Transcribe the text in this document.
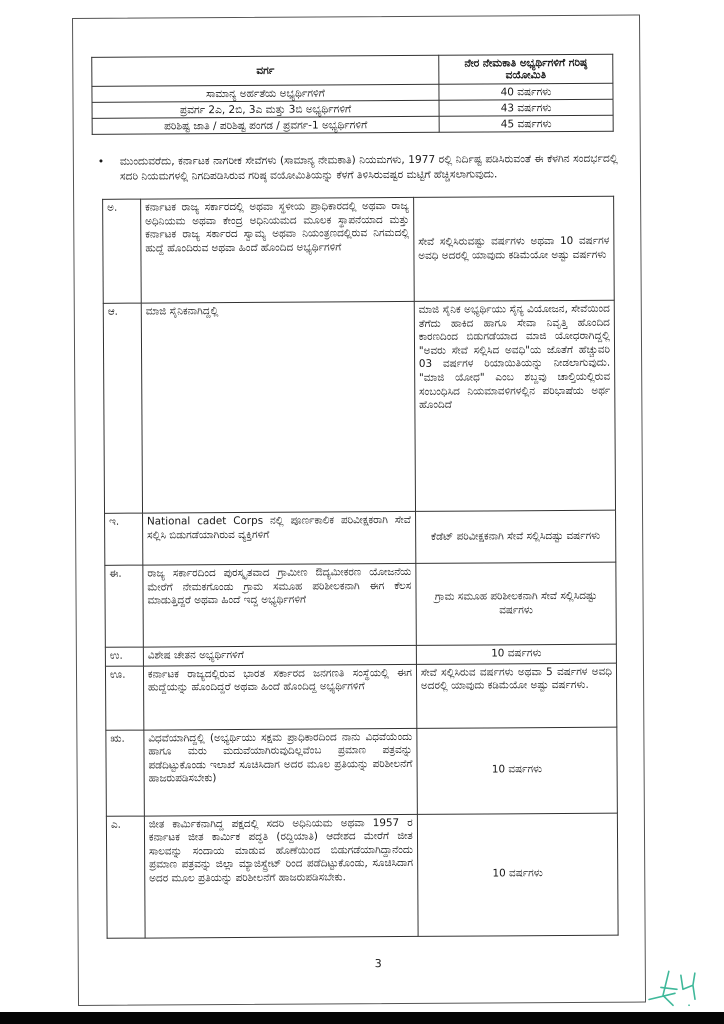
ವರ್ಗ	ನೇರ ನೇಮಕಾತಿ ಅಭ್ಯರ್ಥಿಗಳಿಗೆ ಗರಿಷ್ಠ ವಯೋಮಿತಿ
ಸಾಮಾನ್ಯ ಅರ್ಹತೆಯ ಅಭ್ಯರ್ಥಿಗಳಿಗೆ	40 ವರ್ಷಗಳು
ಪ್ರವರ್ಗ 2ಎ, 2ಬಿ, 3ಎ ಮತ್ತು 3ಬಿ ಅಭ್ಯರ್ಥಿಗಳಿಗೆ	43 ವರ್ಷಗಳು
ಪರಿಶಿಷ್ಟ ಜಾತಿ / ಪರಿಶಿಷ್ಟ ಪಂಗಡ / ಪ್ರವರ್ಗ-1 ಅಭ್ಯರ್ಥಿಗಳಿಗೆ	45 ವರ್ಷಗಳು
• ಮುಂದುವರೆದು, ಕರ್ನಾಟಕ ನಾಗರೀಕ ಸೇವೆಗಳು (ಸಾಮಾನ್ಯ ನೇಮಕಾತಿ) ನಿಯಮಗಳು, 1977 ರಲ್ಲಿ ನಿರ್ದಿಷ್ಟ ಪಡಿಸಿರುವಂತೆ ಈ ಕೆಳಗಿನ ಸಂದರ್ಭದಲ್ಲಿ ಸದರಿ ನಿಯಮಗಳಲ್ಲಿ ನಿಗದಿಪಡಿಸಿರುವ ಗರಿಷ್ಠ ವಯೋಮಿತಿಯನ್ನು ಕೆಳಗೆ ತಿಳಿಸಿರುವಷ್ಟರ ಮಟ್ಟಿಗೆ ಹೆಚ್ಚಿಸಲಾಗುವುದು.
ಅ.	ಕರ್ನಾಟಕ ರಾಜ್ಯ ಸರ್ಕಾರದಲ್ಲಿ ಅಥವಾ ಸ್ಥಳೀಯ ಪ್ರಾಧಿಕಾರದಲ್ಲಿ ಅಥವಾ ರಾಜ್ಯ ಅಧಿನಿಯಮ ಅಥವಾ ಕೇಂದ್ರ ಅಧಿನಿಯಮದ ಮೂಲಕ ಸ್ಥಾಪನೆಯಾದ ಮತ್ತು ಕರ್ನಾಟಕ ರಾಜ್ಯ ಸರ್ಕಾರದ ಸ್ವಾಮ್ಯ ಅಥವಾ ನಿಯಂತ್ರಣದಲ್ಲಿರುವ ನಿಗಮದಲ್ಲಿ ಹುದ್ದೆ ಹೊಂದಿರುವ ಅಥವಾ ಹಿಂದೆ ಹೊಂದಿದ ಅಭ್ಯರ್ಥಿಗಳಿಗೆ	ಸೇವೆ ಸಲ್ಲಿಸಿರುವಷ್ಟು ವರ್ಷಗಳು ಅಥವಾ 10 ವರ್ಷಗಳ ಅವಧಿ ಅದರಲ್ಲಿ ಯಾವುದು ಕಡಿಮೆಯೋ ಅಷ್ಟು ವರ್ಷಗಳು
ಆ.	ಮಾಜಿ ಸೈನಿಕನಾಗಿದ್ದಲ್ಲಿ	ಮಾಜಿ ಸೈನಿಕ ಅಭ್ಯರ್ಥಿಯು ಸೈನ್ಯ ವಿಯೋಜನ, ಸೇವೆಯಿಂದ ತೆಗೆದು ಹಾಕಿದ ಹಾಗೂ ಸೇವಾ ನಿವೃತ್ತಿ ಹೊಂದಿದ ಕಾರಣದಿಂದ ಬಿಡುಗಡೆಯಾದ ಮಾಜಿ ಯೋಧರಾಗಿದ್ದಲ್ಲಿ "ಅವರು ಸೇವೆ ಸಲ್ಲಿಸಿದ ಅವಧಿ"ಯ ಜೊತೆಗೆ ಹೆಚ್ಚುವರಿ 03 ವರ್ಷಗಳ ರಿಯಾಯಿತಿಯನ್ನು ನೀಡಲಾಗುವುದು. "ಮಾಜಿ ಯೋಧ" ಎಂಬ ಶಬ್ದವು ಚಾಲ್ತಿಯಲ್ಲಿರುವ ಸಂಬಂಧಿಸಿದ ನಿಯಮಾವಳಿಗಳಲ್ಲಿನ ಪರಿಭಾಷೆಯ ಅರ್ಥ ಹೊಂದಿದೆ
ಇ.	National cadet Corps ನಲ್ಲಿ ಪೂರ್ಣಕಾಲಿಕ ಪರಿವೀಕ್ಷಕರಾಗಿ ಸೇವೆ ಸಲ್ಲಿಸಿ ಬಿಡುಗಡೆಯಾಗಿರುವ ವ್ಯಕ್ತಿಗಳಿಗೆ	ಕೆಡೆಟ್ ಪರಿವೀಕ್ಷಕನಾಗಿ ಸೇವೆ ಸಲ್ಲಿಸಿದಷ್ಟು ವರ್ಷಗಳು
ಈ.	ರಾಜ್ಯ ಸರ್ಕಾರದಿಂದ ಪುರಸ್ಕೃತವಾದ ಗ್ರಾಮೀಣ ಔದ್ಯಮೀಕರಣ ಯೋಜನೆಯ ಮೇರೆಗೆ ನೇಮಕಗೊಂಡು ಗ್ರಾಮ ಸಮೂಹ ಪರಿಶೀಲಕನಾಗಿ ಈಗ ಕೆಲಸ ಮಾಡುತ್ತಿದ್ದರೆ ಅಥವಾ ಹಿಂದೆ ಇದ್ದ ಅಭ್ಯರ್ಥಿಗಳಿಗೆ	ಗ್ರಾಮ ಸಮೂಹ ಪರಿಶೀಲಕನಾಗಿ ಸೇವೆ ಸಲ್ಲಿಸಿದಷ್ಟು ವರ್ಷಗಳು
ಉ.	ವಿಶೇಷ ಚೇತನ ಅಭ್ಯರ್ಥಿಗಳಿಗೆ	10 ವರ್ಷಗಳು
ಊ.	ಕರ್ನಾಟಕ ರಾಜ್ಯದಲ್ಲಿರುವ ಭಾರತ ಸರ್ಕಾರದ ಜನಗಣತಿ ಸಂಸ್ಥೆಯಲ್ಲಿ ಈಗ ಹುದ್ದೆಯನ್ನು ಹೊಂದಿದ್ದರೆ ಅಥವಾ ಹಿಂದೆ ಹೊಂದಿದ್ದ ಅಭ್ಯರ್ಥಿಗಳಿಗೆ	ಸೇವೆ ಸಲ್ಲಿಸಿರುವ ವರ್ಷಗಳು ಅಥವಾ 5 ವರ್ಷಗಳ ಅವಧಿ ಅದರಲ್ಲಿ ಯಾವುದು ಕಡಿಮೆಯೋ ಅಷ್ಟು ವರ್ಷಗಳು.
ಋ.	ವಿಧವೆಯಾಗಿದ್ದಲ್ಲಿ (ಅಭ್ಯರ್ಥಿಯು ಸಕ್ಷಮ ಪ್ರಾಧಿಕಾರದಿಂದ ನಾನು ವಿಧವೆಯೆಂದು ಹಾಗೂ ಮರು ಮದುವೆಯಾಗಿರುವುದಿಲ್ಲವೆಂಬ ಪ್ರಮಾಣ ಪತ್ರವನ್ನು ಪಡೆದಿಟ್ಟುಕೊಂಡು ಇಲಾಖೆ ಸೂಚಿಸಿದಾಗ ಅದರ ಮೂಲ ಪ್ರತಿಯನ್ನು ಪರಿಶೀಲನೆಗೆ ಹಾಜರುಪಡಿಸಬೇಕು)	10 ವರ್ಷಗಳು
ಎ.	ಜೀತ ಕಾರ್ಮಿಕನಾಗಿದ್ದ ಪಕ್ಷದಲ್ಲಿ ಸದರಿ ಅಧಿನಿಯಮ ಅಥವಾ 1957 ರ ಕರ್ನಾಟಕ ಜೀತ ಕಾರ್ಮಿಕ ಪದ್ಧತಿ (ರದ್ದಿಯಾತಿ) ಆದೇಶದ ಮೇರೆಗೆ ಜೀತ ಸಾಲವನ್ನು ಸಂದಾಯ ಮಾಡುವ ಹೊಣೆಯಿಂದ ಬಿಡುಗಡೆಯಾಗಿದ್ದಾನೆಂದು ಪ್ರಮಾಣ ಪತ್ರವನ್ನು ಜಿಲ್ಲಾ ಮ್ಯಾಜಿಸ್ಟ್ರೇಟ್ ರಿಂದ ಪಡೆದಿಟ್ಟುಕೊಂಡು, ಸೂಚಿಸಿದಾಗ ಅದರ ಮೂಲ ಪ್ರತಿಯನ್ನು ಪರಿಶೀಲನೆಗೆ ಹಾಜರುಪಡಿಸಬೇಕು.	10 ವರ್ಷಗಳು
3
